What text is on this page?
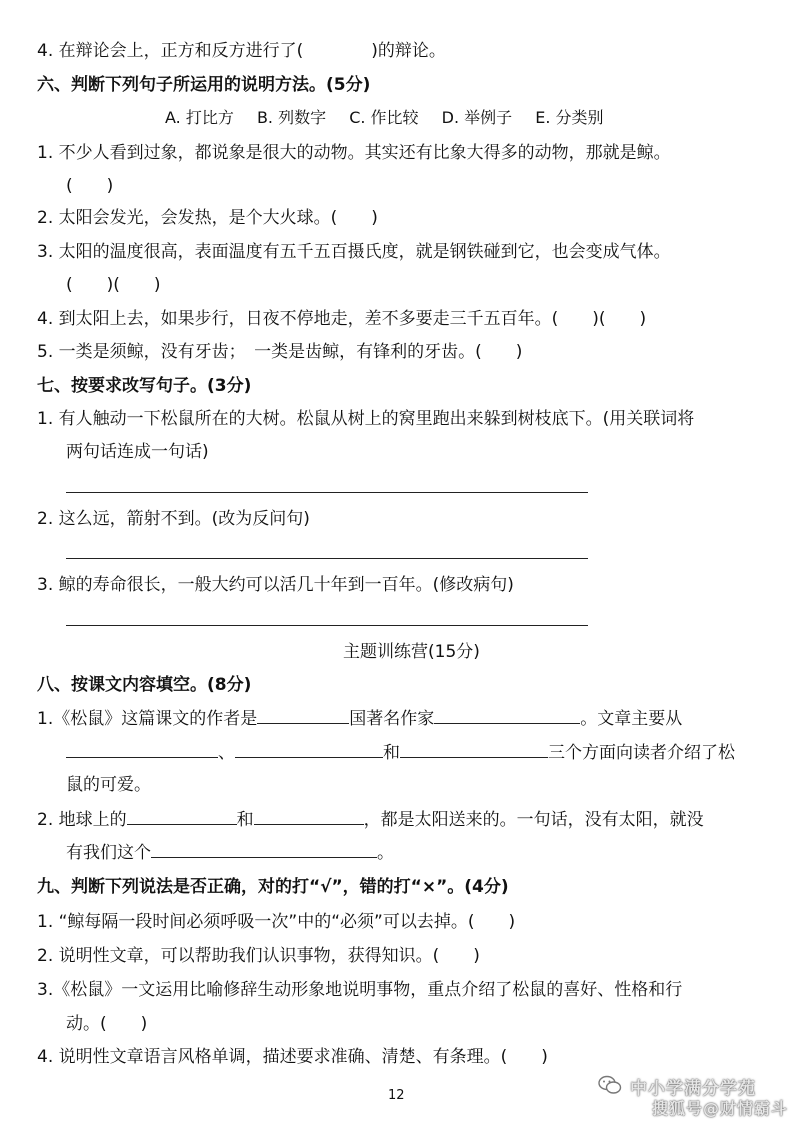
4. 在辩论会上，正方和反方进行了(　　　　)的辩论。
六、判断下列句子所运用的说明方法。(5分)
A. 打比方 B. 列数字 C. 作比较 D. 举例子 E. 分类别
1. 不少人看到过象，都说象是很大的动物。其实还有比象大得多的动物，那就是鲸。
(　　)
2. 太阳会发光，会发热，是个大火球。(　　)
3. 太阳的温度很高，表面温度有五千五百摄氏度，就是钢铁碰到它，也会变成气体。
(　　)(　　)
4. 到太阳上去，如果步行，日夜不停地走，差不多要走三千五百年。(　　)(　　)
5. 一类是须鲸，没有牙齿；　一类是齿鲸，有锋利的牙齿。(　　)
七、按要求改写句子。(3分)
1. 有人触动一下松鼠所在的大树。松鼠从树上的窝里跑出来躲到树枝底下。(用关联词将
两句话连成一句话)
2. 这么远，箭射不到。(改为反问句)
3. 鲸的寿命很长，一般大约可以活几十年到一百年。(修改病句)
主题训练营(15分)
八、按课文内容填空。(8分)
1.《松鼠》这篇课文的作者是	国著名作家	。文章主要从
、	和	三个方面向读者介绍了松
鼠的可爱。
2. 地球上的	和	，都是太阳送来的。一句话，没有太阳，就没
有我们这个	。
九、判断下列说法是否正确，对的打“√”，错的打“×”。(4分)
1. “鲸每隔一段时间必须呼吸一次”中的“必须”可以去掉。(　　)
2. 说明性文章，可以帮助我们认识事物，获得知识。(　　)
3.《松鼠》一文运用比喻修辞生动形象地说明事物，重点介绍了松鼠的喜好、性格和行
动。(　　)
4. 说明性文章语言风格单调，描述要求准确、清楚、有条理。(　　)
12	中小学满分学苑
搜狐号@财情霸斗
